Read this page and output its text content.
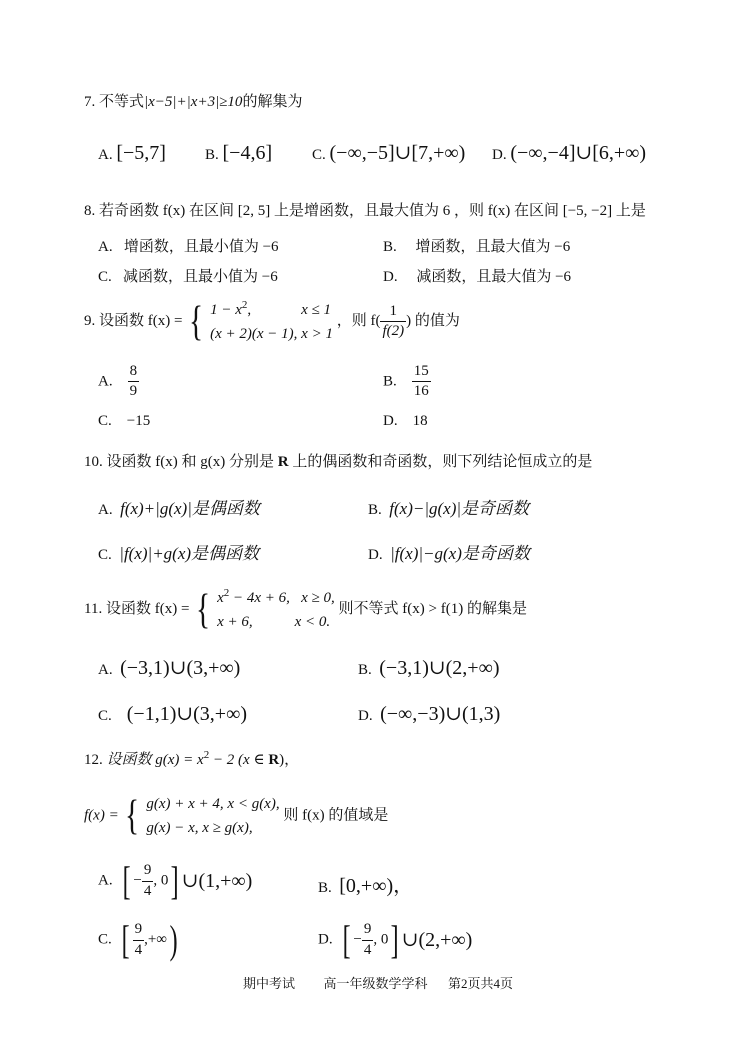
7. 不等式|x−5|+|x+3|≥10的解集为
A. [−5,7]	B. [−4,6]	C. (−∞,−5]∪[7,+∞) D. (−∞,−4]∪[6,+∞)
8. 若奇函数 f(x) 在区间 [2, 5] 上是增函数，且最大值为 6 ，则 f(x) 在区间 [−5, −2] 上是
A. 增函数，且最小值为 −6	B. 增函数，且最大值为 −6
C. 减函数，且最小值为 −6	D. 减函数，且最大值为 −6
9. 设函数 f(x) = { $1 - x^2$,	x ≤ 1
(x + 2)(x − 1), x > 1
，则 $f( \frac{1}{f(2)}$ ) 的值为
A. $\frac{8}{9}$	B. $\frac{15}{16}$
C. −15	D. 18
10. 设函数 f(x) 和 g(x) 分别是 R 上的偶函数和奇函数，则下列结论恒成立的是
A. f(x)+|g(x)|是偶函数	B. f(x)−|g(x)|是奇函数
C. |f(x)|+g(x)是偶函数	D. |f(x)|−g(x)是奇函数
11. 设函数 f(x) = { $x^2 - 4x + 6$, x ≥ 0,
x + 6,	x < 0.
则不等式 f(x) > f(1) 的解集是
A. (−3,1)∪(3,+∞)	B. (−3,1)∪(2,+∞)
C. (−1,1)∪(3,+∞)	D. (−∞,−3)∪(1,3)
12. 设函数 $g(x) = x^2 - 2$ (x ∈ R)，
f(x) = { g(x) + x + 4, x < g(x),
g(x) − x, x ≥ g(x),
则 f(x) 的值域是
A. [ − $\frac{9}{4}$ , 0] ∪(1,+∞)	B. [0,+∞)，
C. [ $\frac{9}{4}$ ,+∞)	D. [ − $\frac{9}{4}$ , 0] ∪(2,+∞)
期中考试 高一年级数学学科 第2页共4页
